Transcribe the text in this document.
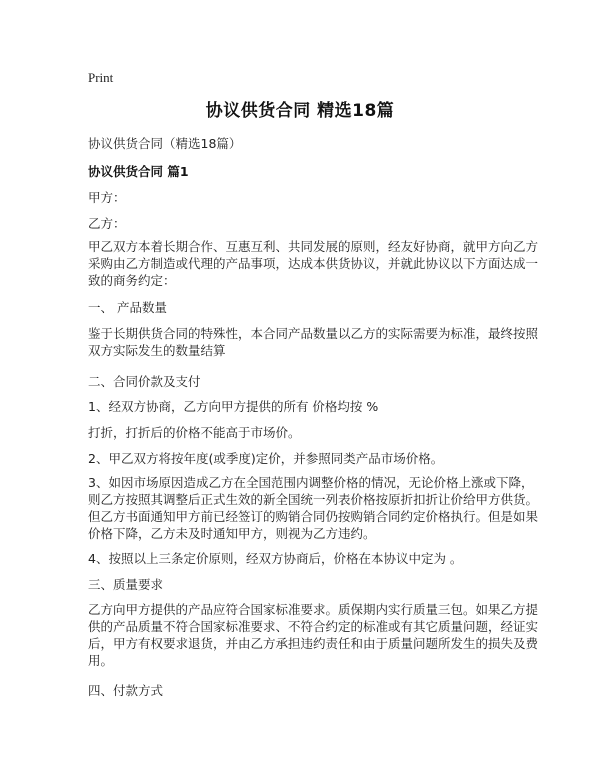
Print
协议供货合同 精选18篇
协议供货合同（精选18篇）
协议供货合同 篇1
甲方：
乙方：
甲乙双方本着长期合作、互惠互利、共同发展的原则，经友好协商，就甲方向乙方
采购由乙方制造或代理的产品事项，达成本供货协议，并就此协议以下方面达成一
致的商务约定：
一、 产品数量
鉴于长期供货合同的特殊性，本合同产品数量以乙方的实际需要为标准，最终按照
双方实际发生的数量结算
二、合同价款及支付
1、经双方协商，乙方向甲方提供的所有 价格均按 %
打折，打折后的价格不能高于市场价。
2、甲乙双方将按年度(或季度)定价，并参照同类产品市场价格。
3、如因市场原因造成乙方在全国范围内调整价格的情况，无论价格上涨或下降，
则乙方按照其调整后正式生效的新全国统一列表价格按原折扣折让价给甲方供货。
但乙方书面通知甲方前已经签订的购销合同仍按购销合同约定价格执行。但是如果
价格下降，乙方未及时通知甲方，则视为乙方违约。
4、按照以上三条定价原则，经双方协商后，价格在本协议中定为 。
三、质量要求
乙方向甲方提供的产品应符合国家标准要求。质保期内实行质量三包。如果乙方提
供的产品质量不符合国家标准要求、不符合约定的标准或有其它质量问题，经证实
后，甲方有权要求退货，并由乙方承担违约责任和由于质量问题所发生的损失及费
用。
四、付款方式
